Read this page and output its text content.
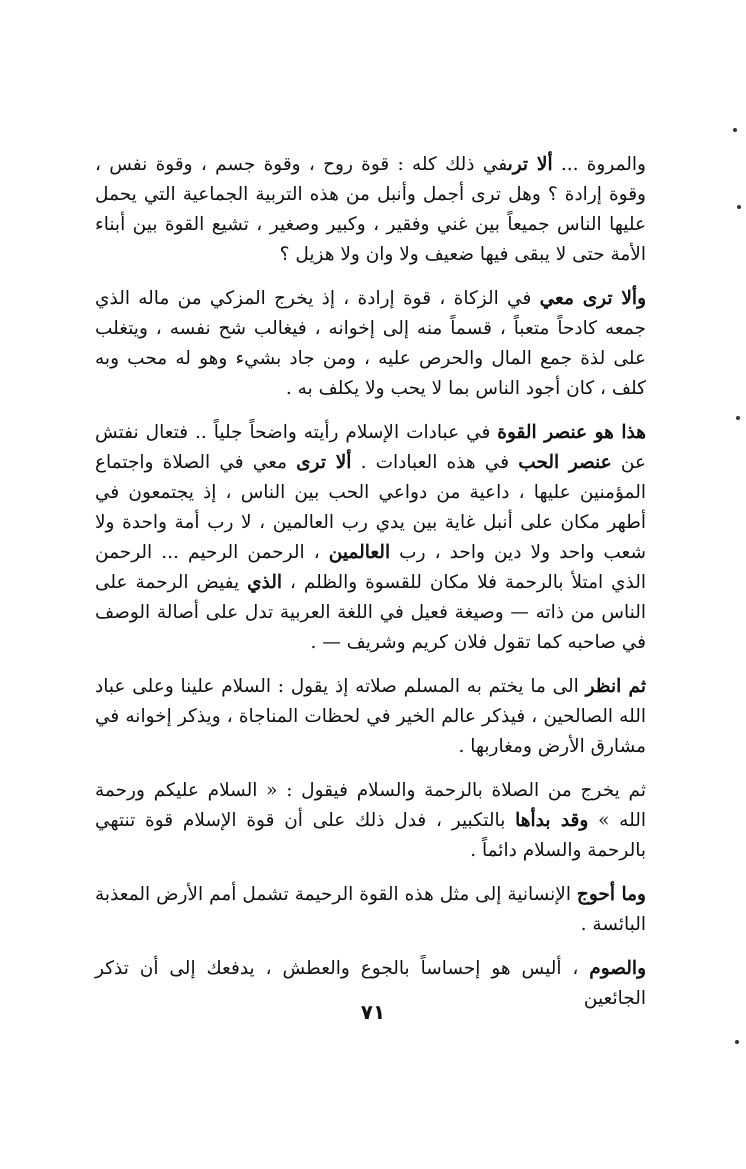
والمروة ... ألا ترىفي ذلك كله : قوة روح ، وقوة جسم ، وقوة نفس ، وقوة إرادة ؟ وهل ترى أجمل وأنبل من هذه التربية الجماعية التي يحمل عليها الناس جميعاً بين غني وفقير ، وكبير وصغير ، تشيع القوة بين أبناء الأمة حتى لا يبقى فيها ضعيف ولا وان ولا هزيل ؟

وألا ترى معي في الزكاة ، قوة إرادة ، إذ يخرج المزكي من ماله الذي جمعه كادحاً متعباً ، قسماً منه إلى إخوانه ، فيغالب شح نفسه ، ويتغلب على لذة جمع المال والحرص عليه ، ومن جاد بشيء وهو له محب وبه كلف ، كان أجود الناس بما لا يحب ولا يكلف به .

هذا هو عنصر القوة في عبادات الإسلام رأيته واضحاً جلياً .. فتعال نفتش عن عنصر الحب في هذه العبادات . ألا ترى معي في الصلاة واجتماع المؤمنين عليها ، داعية من دواعي الحب بين الناس ، إذ يجتمعون في أطهر مكان على أنبل غاية بين يدي رب العالمين ، لا رب أمة واحدة ولا شعب واحد ولا دين واحد ، رب العالمين ، الرحمن الرحيم ... الرحمن الذي امتلأ بالرحمة فلا مكان للقسوة والظلم ، الذي يفيض الرحمة على الناس من ذاته — وصيغة فعيل في اللغة العربية تدل على أصالة الوصف في صاحبه كما تقول فلان كريم وشريف — .

ثم انظر الى ما يختم به المسلم صلاته إذ يقول : السلام علينا وعلى عباد الله الصالحين ، فيذكر عالم الخير في لحظات المناجاة ، ويذكر إخوانه في مشارق الأرض ومغاربها .

ثم يخرج من الصلاة بالرحمة والسلام فيقول : « السلام عليكم ورحمة الله » وقد بدأها بالتكبير ، فدل ذلك على أن قوة الإسلام قوة تنتهي بالرحمة والسلام دائماً .

وما أحوج الإنسانية إلى مثل هذه القوة الرحيمة تشمل أمم الأرض المعذبة البائسة .

والصوم ، أليس هو إحساساً بالجوع والعطش ، يدفعك إلى أن تذكر الجائعين

٧١
